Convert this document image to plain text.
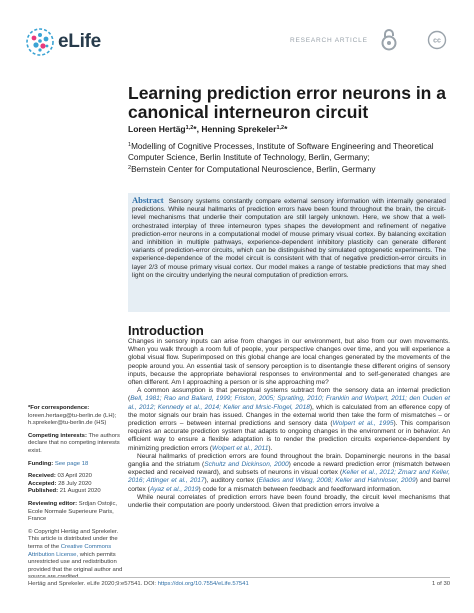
eLife	RESEARCH ARTICLE	cc
Learning prediction error neurons in a canonical interneuron circuit
Loreen Hertäg$^{1,2}$*, Henning Sprekeler$^{1,2}$*
$^1$Modelling of Cognitive Processes, Institute of Software Engineering and Theoretical Computer Science, Berlin Institute of Technology, Berlin, Germany;
$^2$Bernstein Center for Computational Neuroscience, Berlin, Germany
Abstract Sensory systems constantly compare external sensory information with internally generated predictions. While neural hallmarks of prediction errors have been found throughout the brain, the circuit-level mechanisms that underlie their computation are still largely unknown. Here, we show that a well-orchestrated interplay of three interneuron types shapes the development and refinement of negative prediction-error neurons in a computational model of mouse primary visual cortex. By balancing excitation and inhibition in multiple pathways, experience-dependent inhibitory plasticity can generate different variants of prediction-error circuits, which can be distinguished by simulated optogenetic experiments. The experience-dependence of the model circuit is consistent with that of negative prediction-error circuits in layer 2/3 of mouse primary visual cortex. Our model makes a range of testable predictions that may shed light on the circuitry underlying the neural computation of prediction errors.
Introduction

Changes in sensory inputs can arise from changes in our environment, but also from our own movements. When you walk through a room full of people, your perspective changes over time, and you will experience a global visual flow. Superimposed on this global change are local changes generated by the movements of the people around you. An essential task of sensory perception is to disentangle these different origins of sensory inputs, because the appropriate behavioral responses to environmental and to self-generated changes are often different. Am I approaching a person or is she approaching me?

A common assumption is that perceptual systems subtract from the sensory data an internal prediction (Bell, 1981; Rao and Ballard, 1999; Friston, 2005; Spratling, 2010; Franklin and Wolpert, 2011; den Ouden et al., 2012; Kennedy et al., 2014; Keller and Mrsic-Flogel, 2018), which is calculated from an efference copy of the motor signals our brain has issued. Changes in the external world then take the form of mismatches – or prediction errors – between internal predictions and sensory data (Wolpert et al., 1995). This comparison requires an accurate prediction system that adapts to ongoing changes in the environment or in behavior. An efficient way to ensure a flexible adaptation is to render the prediction circuits experience-dependent by minimizing prediction errors (Wolpert et al., 2011).

Neural hallmarks of prediction errors are found throughout the brain. Dopaminergic neurons in the basal ganglia and the striatum (Schultz and Dickinson, 2000) encode a reward prediction error (mismatch between expected and received reward), and subsets of neurons in visual cortex (Keller et al., 2012; Zmarz and Keller, 2016; Attinger et al., 2017), auditory cortex (Eliades and Wang, 2008; Keller and Hahnloser, 2009) and barrel cortex (Ayaz et al., 2019) code for a mismatch between feedback and feedforward information.

While neural correlates of prediction errors have been found broadly, the circuit level mechanisms that underlie their computation are poorly understood. Given that prediction errors involve a

*For correspondence:
loreen.hertaeg@tu-berlin.de (LH); h.sprekeler@tu-berlin.de (HS)
Competing interests: The authors declare that no competing interests exist.
Funding: See page 18
Received: 03 April 2020
Accepted: 28 July 2020
Published: 21 August 2020
Reviewing editor: Srdjan Ostojic, Ecole Normale Superieure Paris, France
© Copyright Hertäg and Sprekeler. This article is distributed under the terms of the Creative Commons Attribution License, which permits unrestricted use and redistribution provided that the original author and source are credited.
Hertäg and Sprekeler. eLife 2020;9:e57541. DOI: https://doi.org/10.7554/eLife.57541	1 of 30
